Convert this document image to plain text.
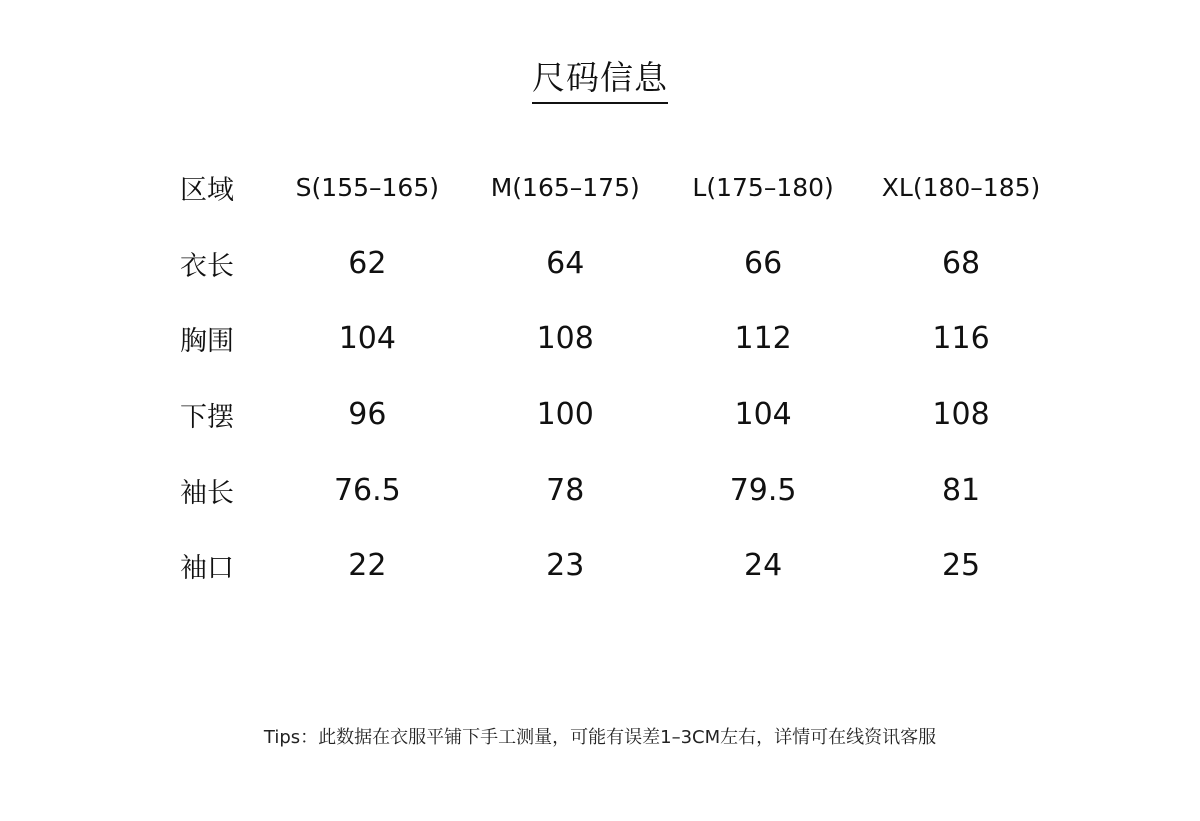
尺码信息
区域	S(155–165)	M(165–175)	L(175–180)	XL(180–185)
衣长	62	64	66	68
胸围	104	108	112	116
下摆	96	100	104	108
袖长	76.5	78	79.5	81
袖口	22	23	24	25
Tips：此数据在衣服平铺下手工测量，可能有误差1–3CM左右，详情可在线资讯客服
